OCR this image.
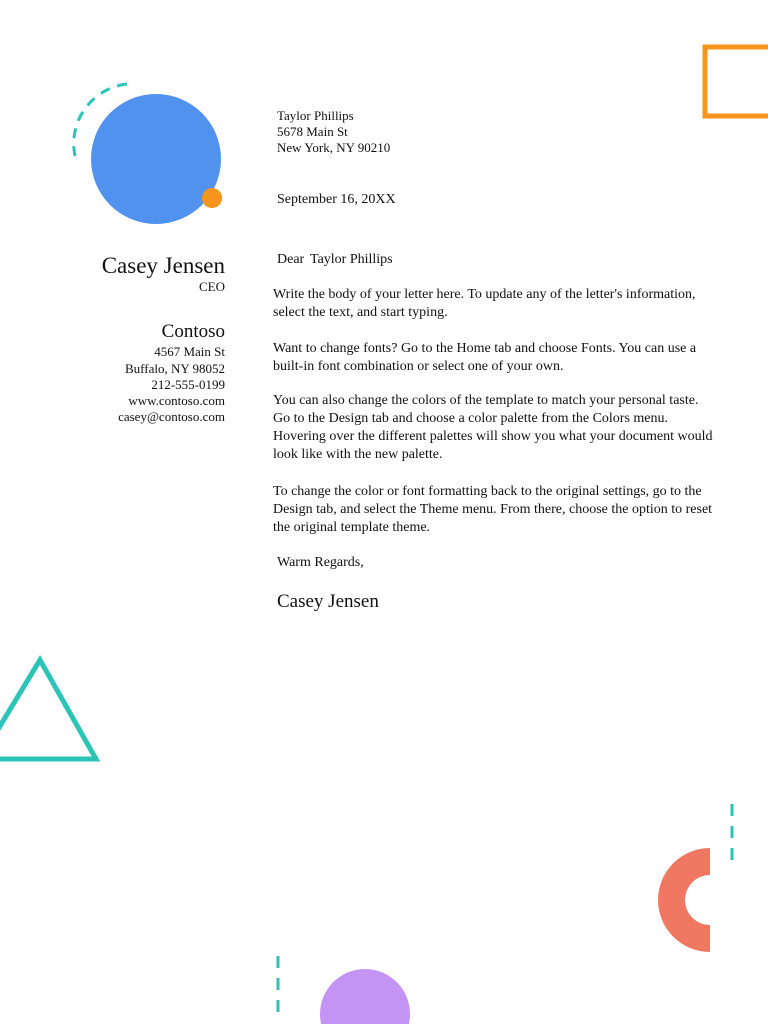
Casey Jensen
CEO
Contoso
4567 Main St
Buffalo, NY 98052
212-555-0199
www.contoso.com
casey@contoso.com
Taylor Phillips
5678 Main St
New York, NY 90210
September 16, 20XX
Dear Taylor Phillips
Write the body of your letter here. To update any of the letter's information, select the text, and start typing.
Want to change fonts? Go to the Home tab and choose Fonts. You can use a built-in font combination or select one of your own.
You can also change the colors of the template to match your personal taste. Go to the Design tab and choose a color palette from the Colors menu. Hovering over the different palettes will show you what your document would look like with the new palette.
To change the color or font formatting back to the original settings, go to the Design tab, and select the Theme menu. From there, choose the option to reset the original template theme.
Warm Regards,
Casey Jensen
